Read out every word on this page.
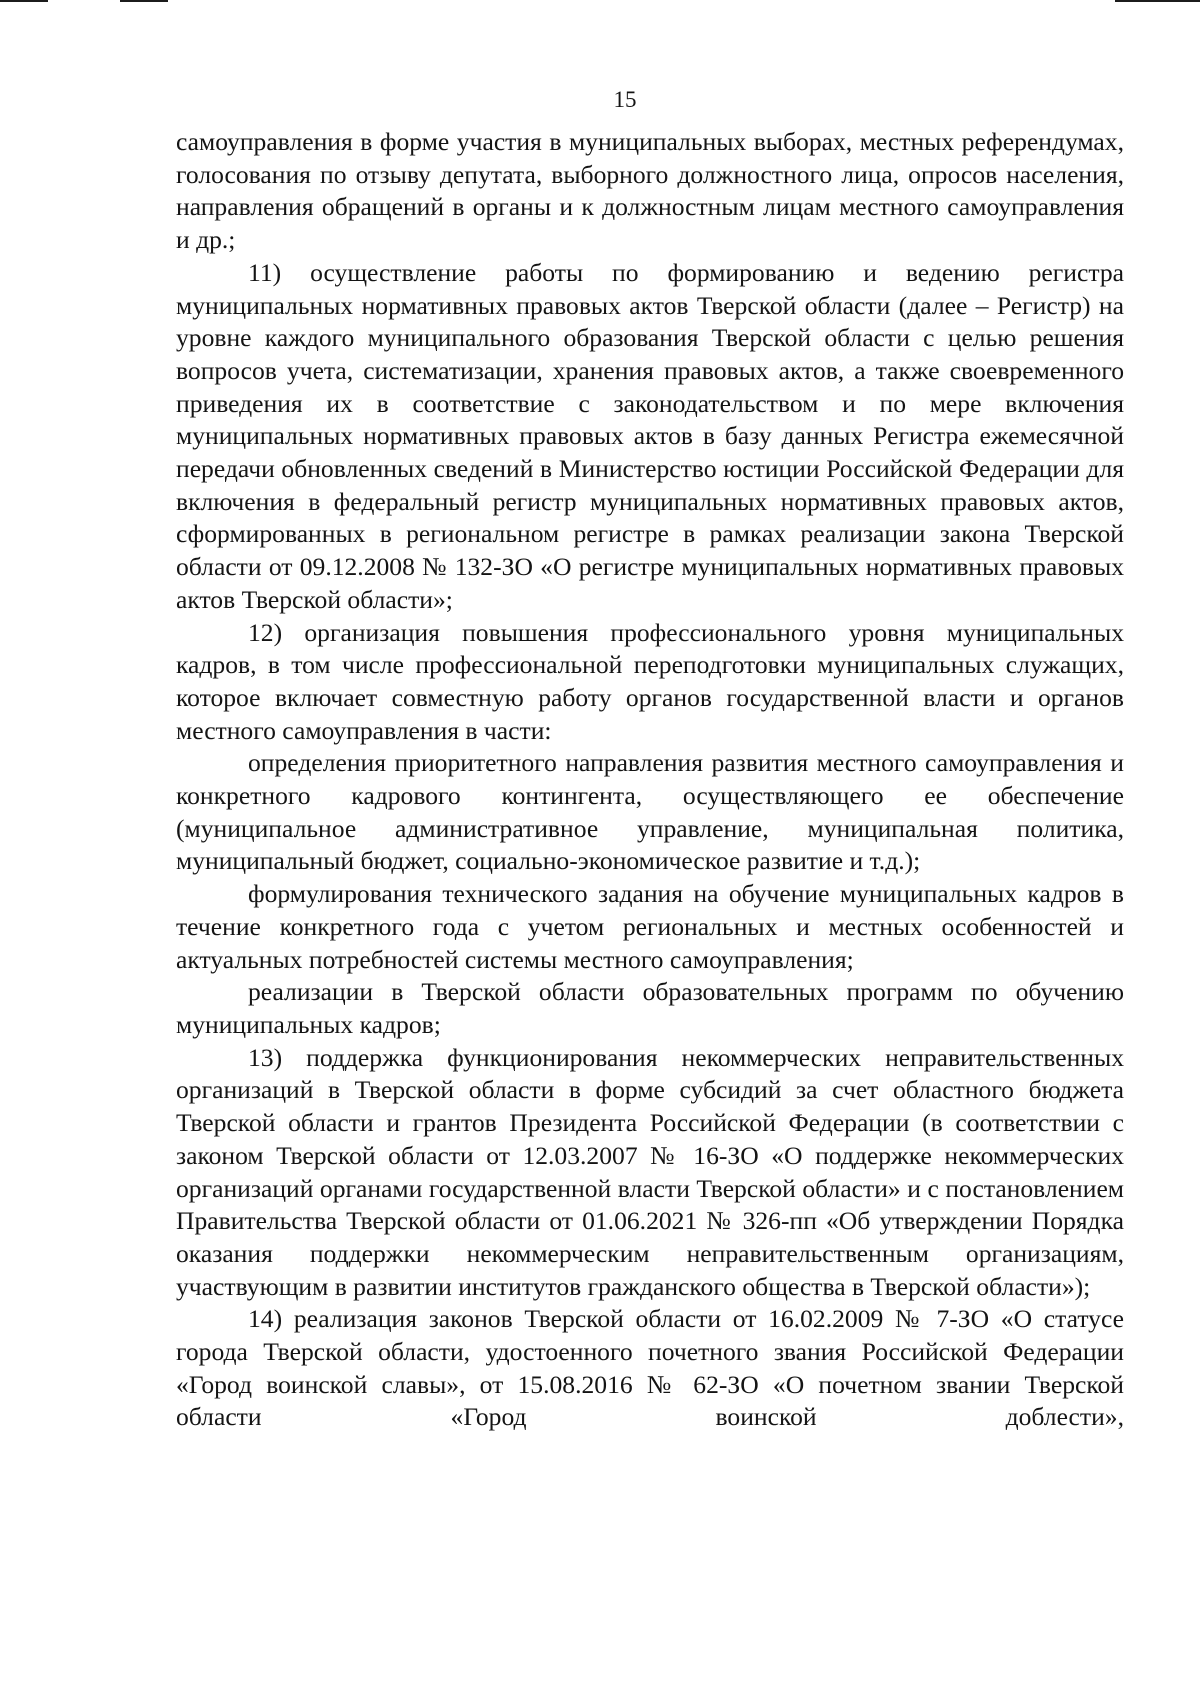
15

самоуправления в форме участия в муниципальных выборах, местных референдумах, голосования по отзыву депутата, выборного должностного лица, опросов населения, направления обращений в органы и к должностным лицам местного самоуправления и др.;

11) осуществление работы по формированию и ведению регистра муниципальных нормативных правовых актов Тверской области (далее – Регистр) на уровне каждого муниципального образования Тверской области с целью решения вопросов учета, систематизации, хранения правовых актов, а также своевременного приведения их в соответствие с законодательством и по мере включения муниципальных нормативных правовых актов в базу данных Регистра ежемесячной передачи обновленных сведений в Министерство юстиции Российской Федерации для включения в федеральный регистр муниципальных нормативных правовых актов, сформированных в региональном регистре в рамках реализации закона Тверской области от 09.12.2008 № 132-ЗО «О регистре муниципальных нормативных правовых актов Тверской области»;

12) организация повышения профессионального уровня муниципальных кадров, в том числе профессиональной переподготовки муниципальных служащих, которое включает совместную работу органов государственной власти и органов местного самоуправления в части:

определения приоритетного направления развития местного самоуправления и конкретного кадрового контингента, осуществляющего ее обеспечение (муниципальное административное управление, муниципальная политика, муниципальный бюджет, социально-экономическое развитие и т.д.);

формулирования технического задания на обучение муниципальных кадров в течение конкретного года с учетом региональных и местных особенностей и актуальных потребностей системы местного самоуправления;

реализации в Тверской области образовательных программ по обучению муниципальных кадров;

13) поддержка функционирования некоммерческих неправительственных организаций в Тверской области в форме субсидий за счет областного бюджета Тверской области и грантов Президента Российской Федерации (в соответствии с законом Тверской области от 12.03.2007 № 16-ЗО «О поддержке некоммерческих организаций органами государственной власти Тверской области» и с постановлением Правительства Тверской области от 01.06.2021 № 326-пп «Об утверждении Порядка оказания поддержки некоммерческим неправительственным организациям, участвующим в развитии институтов гражданского общества в Тверской области»);

14) реализация законов Тверской области от 16.02.2009 № 7-ЗО «О статусе города Тверской области, удостоенного почетного звания Российской Федерации «Город воинской славы», от 15.08.2016 № 62-ЗО «О почетном звании Тверской области «Город воинской доблести»,
